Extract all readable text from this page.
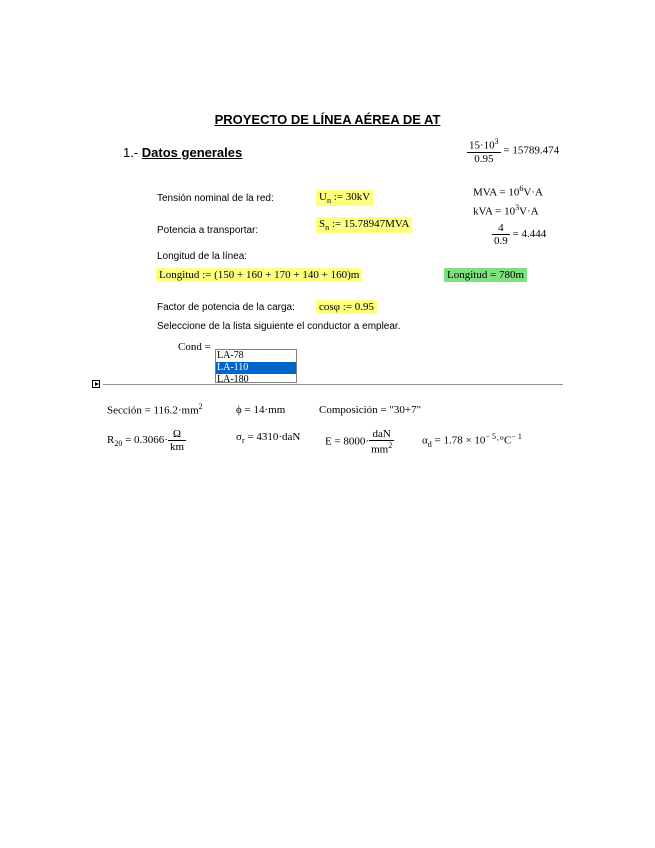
PROYECTO DE LÍNEA AÉREA DE AT
1.- Datos generales	$\frac{15\cdot 10^3}{0.95} = 15789.474$
MVA = $10^6V\cdot A$
kVA = $10^3V\cdot A$
$\frac{4}{0.9} = 4.444$
Tensión nominal de la red:	$U_n$ := 30kV
Potencia a transportar:
$S_n$ := 15.78947MVA
Longitud de la línea:
Longitud := (150 + 160 + 170 + 140 + 160)m	Longitud = 780m
Factor de potencia de la carga: cosφ := 0.95
Seleccione de la lista siguiente el conductor a emplear.
Cond =
LA-78
LA-110
LA-180
Sección = $116.2\cdot mm^2$	ϕ = 14·mm	Composición = "30+7"
$R_{20} = 0.3066\cdot \frac{\Omega}{km}$	$\sigma_r = 4310\cdot daN$ $E = 8000\cdot \frac{\text{daN}}{mm^2}$	$\alpha_d = 1.78 \times 10^{- 5}\cdot^\circ C^{- 1}$
